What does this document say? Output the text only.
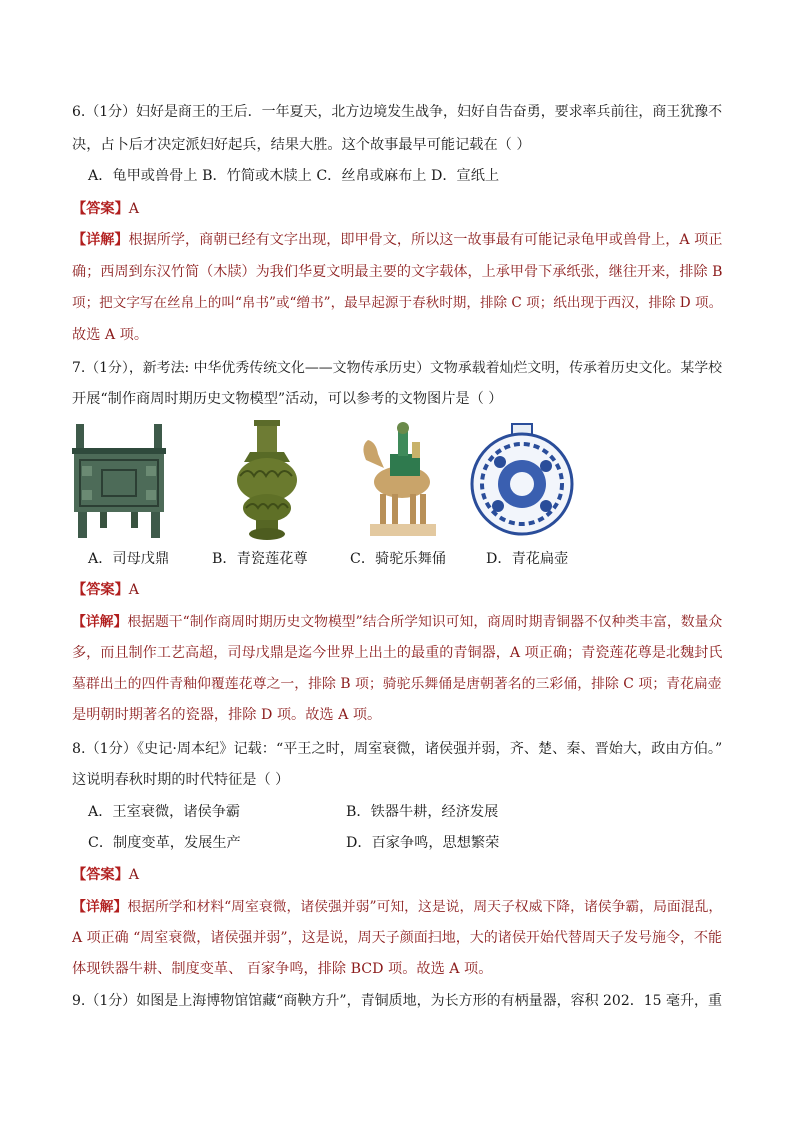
6.（1分）妇好是商王的王后．一年夏天，北方边境发生战争，妇好自告奋勇，要求率兵前往，商王犹豫不
决，占卜后才决定派妇好起兵，结果大胜。这个故事最早可能记载在（ ）
A．龟甲或兽骨上 B．竹简或木牍上 C．丝帛或麻布上 D．宣纸上
【答案】A
【详解】根据所学，商朝已经有文字出现，即甲骨文，所以这一故事最有可能记录龟甲或兽骨上，A 项正
确；西周到东汉竹简（木牍）为我们华夏文明最主要的文字载体，上承甲骨下承纸张，继往开来，排除 B
项；把文字写在丝帛上的叫“帛书”或“缯书”，最早起源于春秋时期，排除 C 项；纸出现于西汉，排除 D 项。
故选 A 项。
7.（1分），新考法: 中华优秀传统文化——文物传承历史）文物承载着灿烂文明，传承着历史文化。某学校
开展“制作商周时期历史文物模型”活动，可以参考的文物图片是（ ）
A．司母戊鼎	B．青瓷莲花尊	C．骑驼乐舞俑	D．青花扁壶
【答案】A
【详解】根据题干“制作商周时期历史文物模型”结合所学知识可知，商周时期青铜器不仅种类丰富，数量众
多，而且制作工艺高超，司母戊鼎是迄今世界上出土的最重的青铜器，A 项正确；青瓷莲花尊是北魏封氏
墓群出土的四件青釉仰覆莲花尊之一，排除 B 项；骑驼乐舞俑是唐朝著名的三彩俑，排除 C 项；青花扁壶
是明朝时期著名的瓷器，排除 D 项。故选 A 项。
8.（1分）《史记·周本纪》记载：“平王之时，周室衰微，诸侯强并弱，齐、楚、秦、晋始大，政由方伯。”
这说明春秋时期的时代特征是（ ）
A．王室衰微，诸侯争霸	B．铁器牛耕，经济发展
C．制度变革，发展生产	D．百家争鸣，思想繁荣
【答案】A
【详解】根据所学和材料“周室衰微，诸侯强并弱”可知，这是说，周天子权威下降，诸侯争霸，局面混乱，
A 项正确 “周室衰微，诸侯强并弱”，这是说，周天子颜面扫地，大的诸侯开始代替周天子发号施令，不能
体现铁器牛耕、制度变革、 百家争鸣，排除 BCD 项。故选 A 项。
9.（1分）如图是上海博物馆馆藏“商鞅方升”，青铜质地，为长方形的有柄量器，容积 202．15 毫升，重
